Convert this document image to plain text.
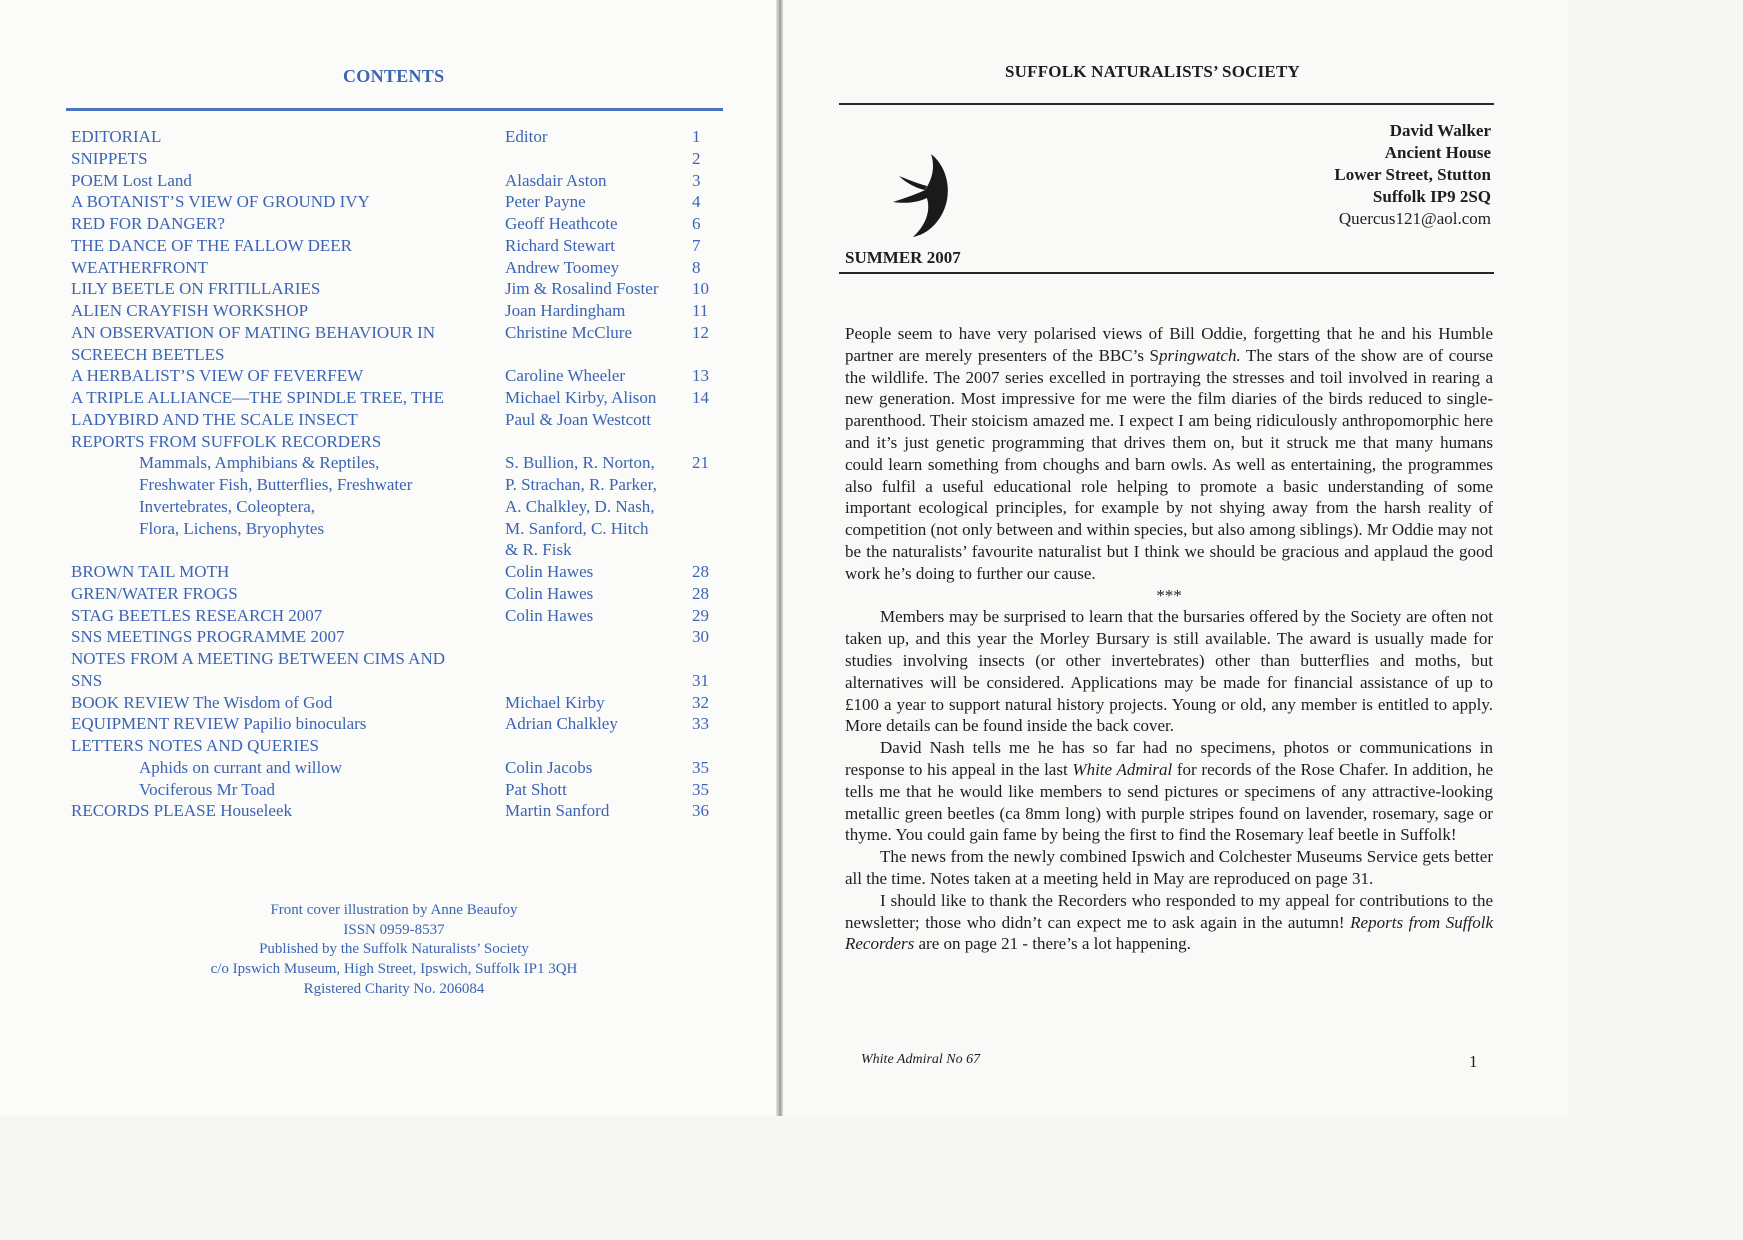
CONTENTS
EDITORIAL	Editor	1
SNIPPETS	2
POEM Lost Land	Alasdair Aston	3
A BOTANIST’S VIEW OF GROUND IVY	Peter Payne	4
RED FOR DANGER?	Geoff Heathcote	6
THE DANCE OF THE FALLOW DEER	Richard Stewart	7
WEATHERFRONT	Andrew Toomey	8
LILY BEETLE ON FRITILLARIES	Jim & Rosalind Foster 10
ALIEN CRAYFISH WORKSHOP	Joan Hardingham	11
AN OBSERVATION OF MATING BEHAVIOUR IN	Christine McClure	12
SCREECH BEETLES
A HERBALIST’S VIEW OF FEVERFEW	Caroline Wheeler	13
A TRIPLE ALLIANCE—THE SPINDLE TREE, THE	Michael Kirby, Alison 14
LADYBIRD AND THE SCALE INSECT	Paul & Joan Westcott
REPORTS FROM SUFFOLK RECORDERS
Mammals, Amphibians & Reptiles,	S. Bullion, R. Norton, 21
Freshwater Fish, Butterflies, Freshwater	P. Strachan, R. Parker,
Invertebrates, Coleoptera,	A. Chalkley, D. Nash,
Flora, Lichens, Bryophytes	M. Sanford, C. Hitch
& R. Fisk
BROWN TAIL MOTH	Colin Hawes	28
GREN/WATER FROGS	Colin Hawes	28
STAG BEETLES RESEARCH 2007	Colin Hawes	29
SNS MEETINGS PROGRAMME 2007	30
NOTES FROM A MEETING BETWEEN CIMS AND
SNS	31
BOOK REVIEW The Wisdom of God	Michael Kirby	32
EQUIPMENT REVIEW Papilio binoculars	Adrian Chalkley	33
LETTERS NOTES AND QUERIES
Aphids on currant and willow	Colin Jacobs	35
Vociferous Mr Toad	Pat Shott	35
RECORDS PLEASE Houseleek	Martin Sanford	36
Front cover illustration by Anne Beaufoy
ISSN 0959-8537
Published by the Suffolk Naturalists’ Society
c/o Ipswich Museum, High Street, Ipswich, Suffolk IP1 3QH
Rgistered Charity No. 206084
SUFFOLK NATURALISTS’ SOCIETY
David Walker
Ancient House
Lower Street, Stutton
Suffolk IP9 2SQ
Quercus121@aol.com
SUMMER 2007

People seem to have very polarised views of Bill Oddie, forgetting that he and his Humble partner are merely presenters of the BBC’s Springwatch. The stars of the show are of course the wildlife. The 2007 series excelled in portraying the stresses and toil involved in rearing a new generation. Most impressive for me were the film diaries of the birds reduced to single-parenthood. Their stoicism amazed me. I expect I am being ridiculously anthropomorphic here and it’s just genetic programming that drives them on, but it struck me that many humans could learn something from choughs and barn owls. As well as entertaining, the programmes also fulfil a useful educational role helping to promote a basic understanding of some important ecological principles, for example by not shying away from the harsh reality of competition (not only between and within species, but also among siblings). Mr Oddie may not be the naturalists’ favourite naturalist but I think we should be gracious and applaud the good work he’s doing to further our cause.

***

Members may be surprised to learn that the bursaries offered by the Society are often not taken up, and this year the Morley Bursary is still available. The award is usually made for studies involving insects (or other invertebrates) other than butterflies and moths, but alternatives will be considered. Applications may be made for financial assistance of up to £100 a year to support natural history projects. Young or old, any member is entitled to apply. More details can be found inside the back cover.

David Nash tells me he has so far had no specimens, photos or communications in response to his appeal in the last White Admiral for records of the Rose Chafer. In addition, he tells me that he would like members to send pictures or specimens of any attractive-looking metallic green beetles (ca 8mm long) with purple stripes found on lavender, rosemary, sage or thyme. You could gain fame by being the first to find the Rosemary leaf beetle in Suffolk!

The news from the newly combined Ipswich and Colchester Museums Service gets better all the time. Notes taken at a meeting held in May are reproduced on page 31.

I should like to thank the Recorders who responded to my appeal for contributions to the newsletter; those who didn’t can expect me to ask again in the autumn! Reports from Suffolk Recorders are on page 21 - there’s a lot happening.

White Admiral No 67	1
